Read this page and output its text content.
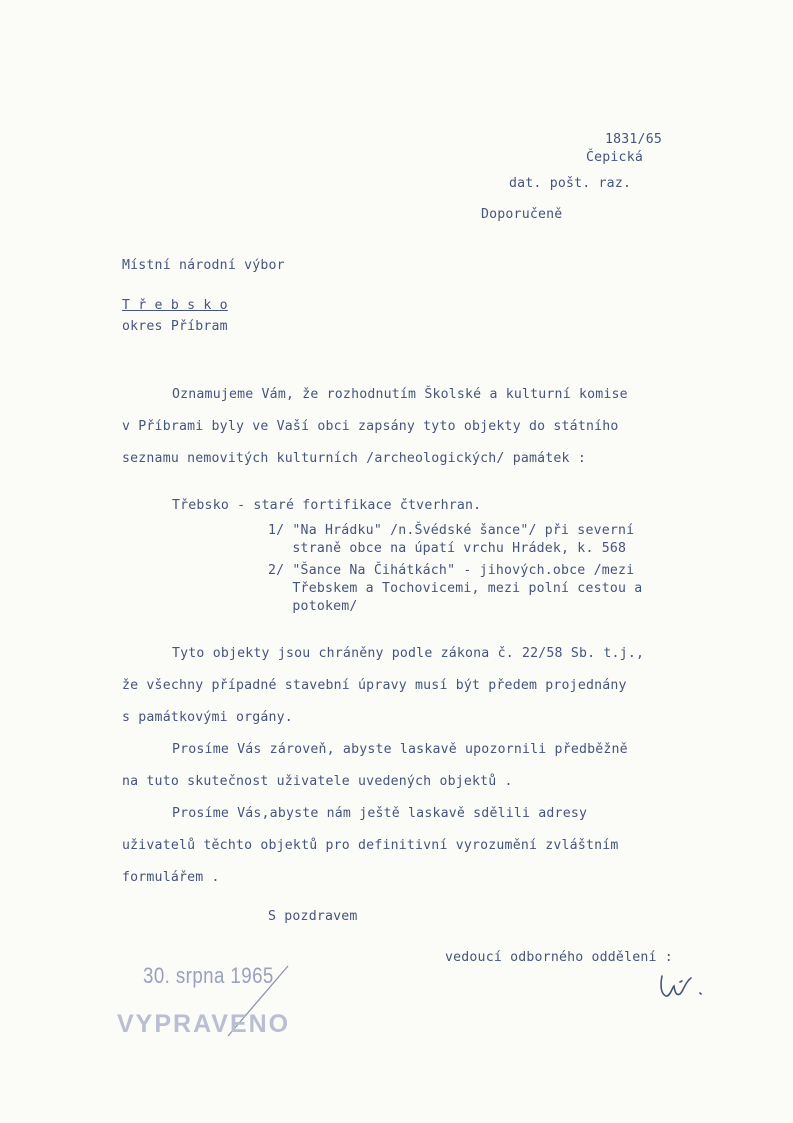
1831/65
Čepická
dat. pošt. raz.
Doporučeně
Místní národní výbor
T ř e b s k o
okres Příbram
Oznamujeme Vám, že rozhodnutím Školské a kulturní komise
v Příbrami byly ve Vaší obci zapsány tyto objekty do státního
seznamu nemovitých kulturních /archeologických/ památek :
Třebsko - staré fortifikace čtverhran.
1/ "Na Hrádku" /n.Švédské šance"/ při severní
straně obce na úpatí vrchu Hrádek, k. 568
2/ "Šance Na Čihátkách" - jihových.obce /mezi
Třebskem a Tochovicemi, mezi polní cestou a
potokem/
Tyto objekty jsou chráněny podle zákona č. 22/58 Sb. t.j.,
že všechny případné stavební úpravy musí být předem projednány
s památkovými orgány.
Prosíme Vás zároveň, abyste laskavě upozornili předběžně
na tuto skutečnost uživatele uvedených objektů .
Prosíme Vás,abyste nám ještě laskavě sdělili adresy
uživatelů těchto objektů pro definitivní vyrozumění zvláštním
formulářem .
S pozdravem
vedoucí odborného oddělení :
30. srpna 1965
VYPRAVENO
